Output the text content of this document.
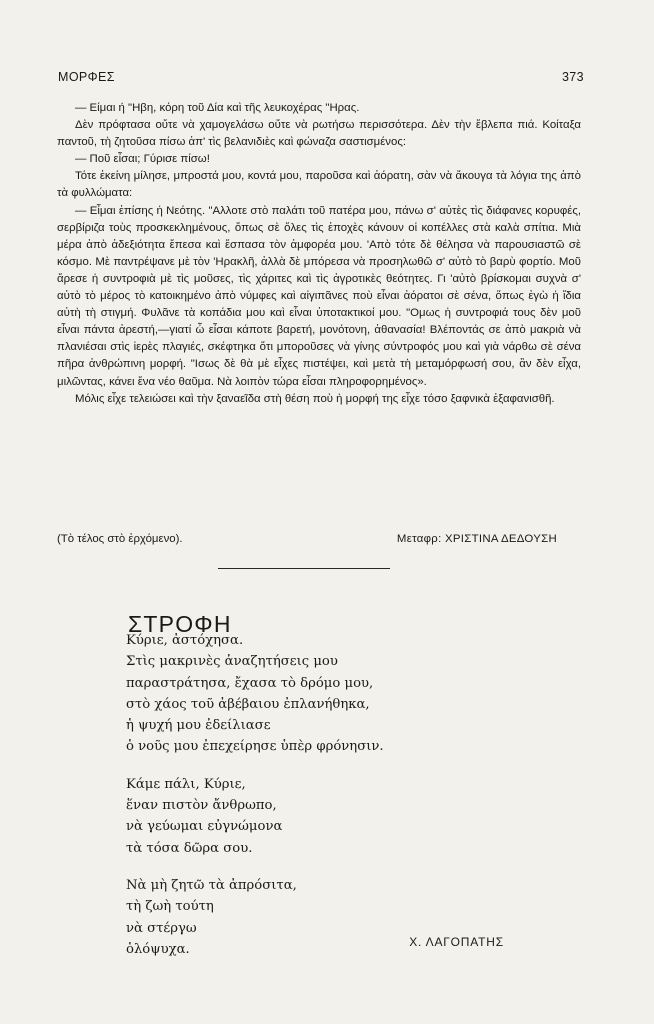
ΜΟΡΦΕΣ	373

— Είμαι ή "Ηβη, κόρη τοῦ Δία καὶ τῆς λευκοχέρας "Ηρας.

Δὲν πρόφτασα οὔτε νὰ χαμογελάσω οὔτε νὰ ρωτήσω περισσότερα. Δὲν τὴν ἔβλεπα πιά. Κοίταξα παντοῦ, τὴ ζητοῦσα πίσω ἀπ' τὶς βελανιδιὲς καὶ φώναζα σαστισμένος:

— Ποῦ εἶσαι; Γύρισε πίσω!

Τότε ἐκείνη μίλησε, μπροστά μου, κοντά μου, παροῦσα καὶ ἀόρατη, σὰν νὰ ἄκουγα τὰ λόγια της ἀπὸ τὰ φυλλώματα:

— Εἶμαι ἐπίσης ἡ Νεότης. "Αλλοτε στὸ παλάτι τοῦ πατέρα μου, πάνω σ' αὐτὲς τὶς διάφανες κορυφές, σερβίριζα τοὺς προσκεκλημένους, ὅπως σὲ ὅλες τὶς ἐποχὲς κάνουν οἱ κοπέλλες στὰ καλὰ σπίτια. Μιὰ μέρα ἀπὸ ἀδεξιότητα ἔπεσα καὶ ἔσπασα τὸν ἀμφορέα μου. 'Απὸ τότε δὲ θέλησα νὰ παρουσιαστῶ σὲ κόσμο. Μὲ παντρέψανε μὲ τὸν 'Ηρακλῆ, ἀλλὰ δὲ μπόρεσα νὰ προσηλωθῶ σ' αὐτὸ τὸ βαρὺ φορτίο. Μοῦ ἄρεσε ἡ συντροφιὰ μὲ τὶς μοῦσες, τὶς χάριτες καὶ τὶς ἀγροτικὲς θεότητες. Γι 'αὐτὸ βρίσκομαι συχνὰ σ' αὐτὸ τὸ μέρος τὸ κατοικημένο ἀπὸ νύμφες καὶ αἰγιπᾶνες ποὺ εἶναι ἀόρατοι σὲ σένα, ὅπως ἐγὼ ἡ ἴδια αὐτὴ τὴ στιγμή. Φυλᾶνε τὰ κοπάδια μου καὶ εἶναι ὑποτακτικοί μου. "Ομως ἡ συντροφιά τους δὲν μοῦ εἶναι πάντα ἀρεστή,—γιατί ὦ εἶσαι κάποτε βαρετή, μονότονη, ἀθανασία! Βλέποντάς σε ἀπὸ μακριὰ νὰ πλανιέσαι στὶς ἱερὲς πλαγιές, σκέφτηκα ὅτι μποροῦσες νὰ γίνης σύντροφός μου καὶ γιὰ νάρθω σὲ σένα πῆρα ἀνθρώπινη μορφή. "Ισως δὲ θὰ μὲ εἶχες πιστέψει, καὶ μετὰ τὴ μεταμόρφωσή σου, ἂν δὲν εἶχα, μιλῶντας, κάνει ἕνα νέο θαῦμα. Νὰ λοιπὸν τώρα εἶσαι πληροφορημένος».

Μόλις εἶχε τελειώσει καὶ τὴν ξαναεῖδα στὴ θέση ποὺ ἡ μορφή της εἶχε τόσο ξαφνικὰ ἐξαφανισθῆ.

(Τὸ τέλος στὸ ἐρχόμενο).	Μεταφρ: ΧΡΙΣΤΙΝΑ ΔΕΔΟΥΣΗ
ΣΤΡΟΦΗ
Κύριε, ἀστόχησα.
Στὶς μακρινὲς ἀναζητήσεις μου
παραστράτησα, ἔχασα τὸ δρόμο μου,
στὸ χάος τοῦ ἀβέβαιου ἐπλανήθηκα,
ἡ ψυχή μου ἐδείλιασε
ὁ νοῦς μου ἐπεχείρησε ὑπὲρ φρόνησιν.
Κάμε πάλι, Κύριε,
ἕναν πιστὸν ἄνθρωπο,
νὰ γεύωμαι εὐγνώμονα
τὰ τόσα δῶρα σου.
Νὰ μὴ ζητῶ τὰ ἀπρόσιτα,
τὴ ζωὴ τούτη
νὰ στέργω
ὁλόψυχα.	Χ. ΛΑΓΟΠΑΤΗΣ
